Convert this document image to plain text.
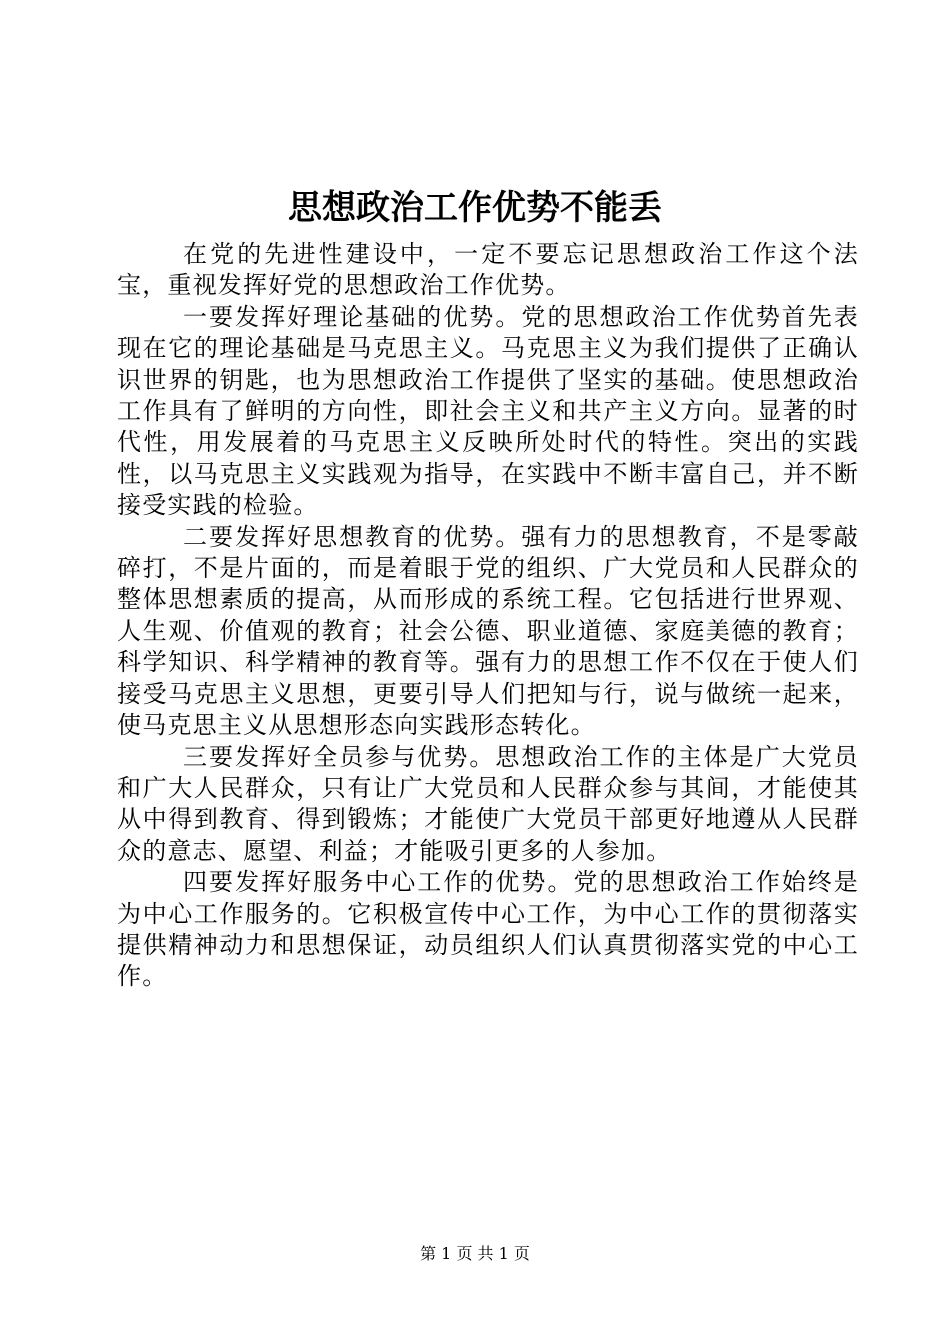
思想政治工作优势不能丢

在党的先进性建设中，一定不要忘记思想政治工作这个法宝，重视发挥好党的思想政治工作优势。

一要发挥好理论基础的优势。党的思想政治工作优势首先表现在它的理论基础是马克思主义。马克思主义为我们提供了正确认识世界的钥匙，也为思想政治工作提供了坚实的基础。使思想政治工作具有了鲜明的方向性，即社会主义和共产主义方向。显著的时代性，用发展着的马克思主义反映所处时代的特性。突出的实践性，以马克思主义实践观为指导，在实践中不断丰富自己，并不断接受实践的检验。

二要发挥好思想教育的优势。强有力的思想教育，不是零敲碎打，不是片面的，而是着眼于党的组织、广大党员和人民群众的整体思想素质的提高，从而形成的系统工程。它包括进行世界观、人生观、价值观的教育；社会公德、职业道德、家庭美德的教育；科学知识、科学精神的教育等。强有力的思想工作不仅在于使人们接受马克思主义思想，更要引导人们把知与行，说与做统一起来，使马克思主义从思想形态向实践形态转化。

三要发挥好全员参与优势。思想政治工作的主体是广大党员和广大人民群众，只有让广大党员和人民群众参与其间，才能使其从中得到教育、得到锻炼；才能使广大党员干部更好地遵从人民群众的意志、愿望、利益；才能吸引更多的人参加。

四要发挥好服务中心工作的优势。党的思想政治工作始终是为中心工作服务的。它积极宣传中心工作，为中心工作的贯彻落实提供精神动力和思想保证，动员组织人们认真贯彻落实党的中心工作。

第 1 页 共 1 页
